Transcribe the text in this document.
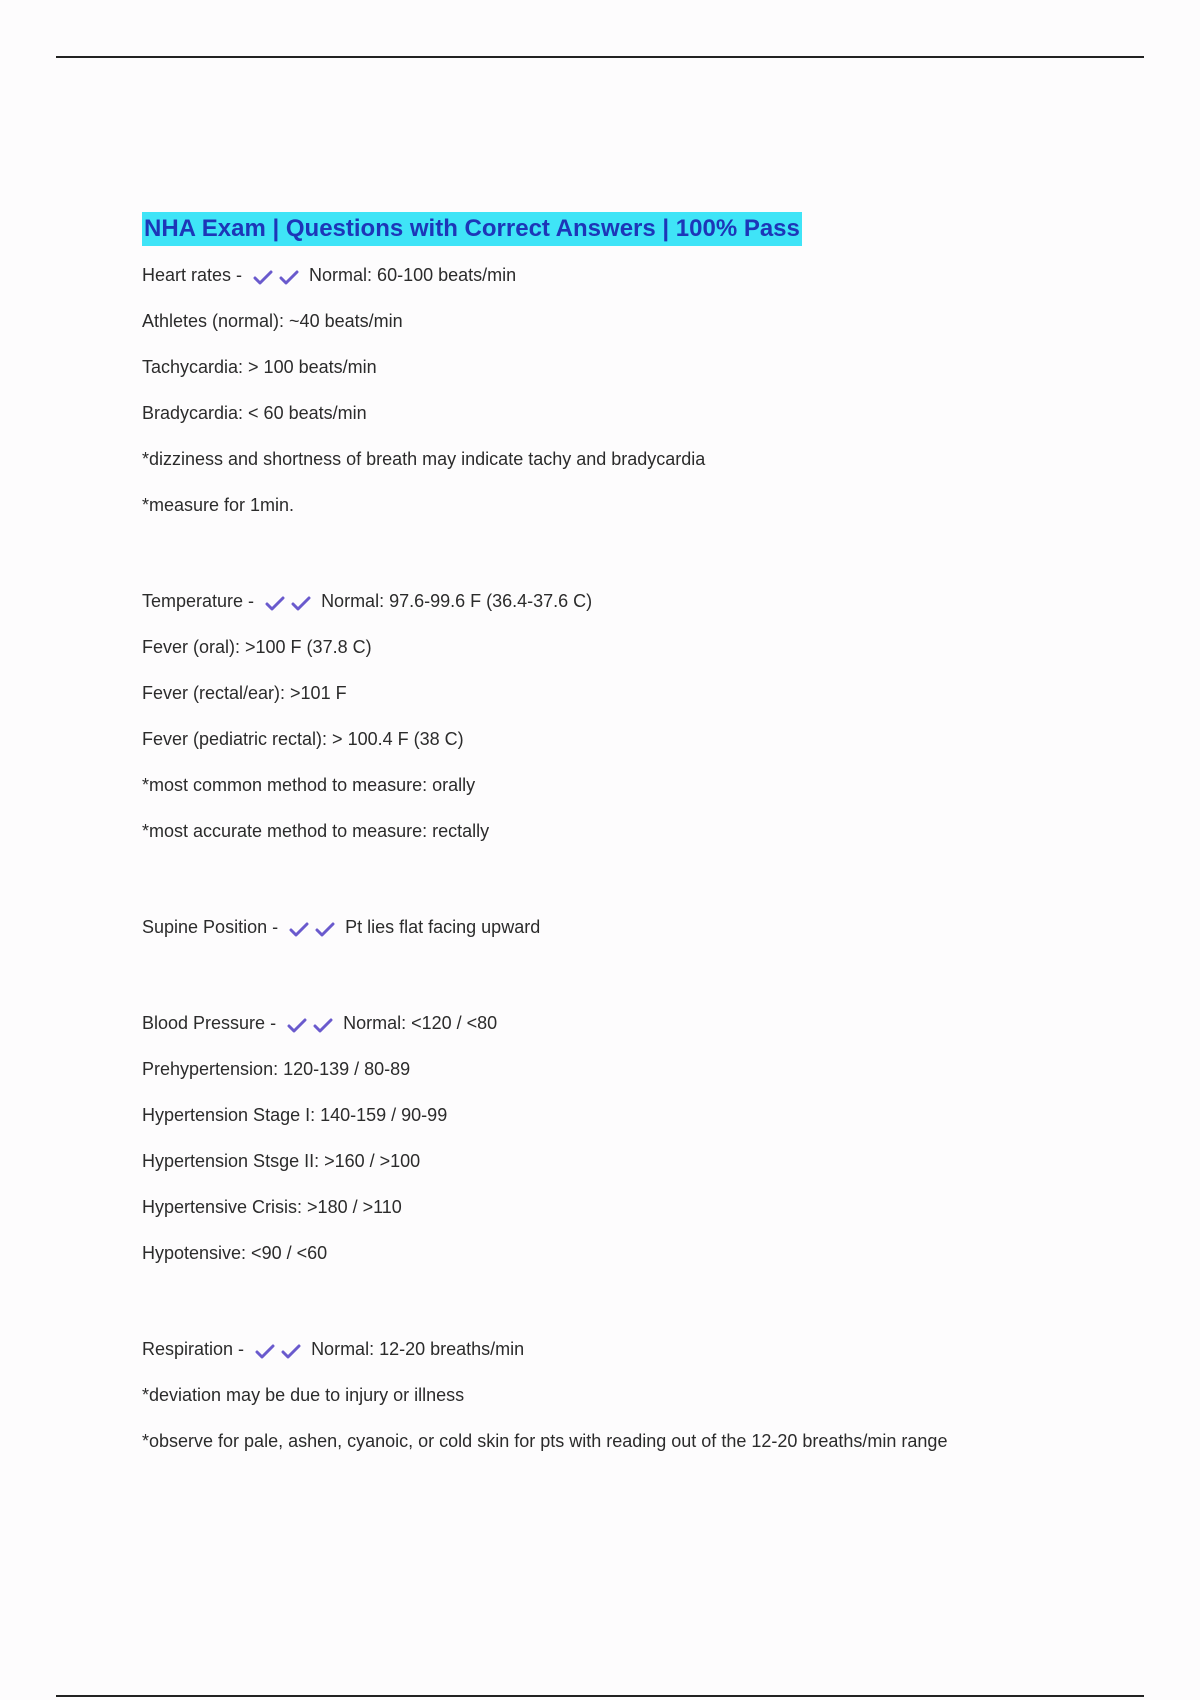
NHA Exam | Questions with Correct Answers | 100% Pass
Heart rates -	Normal: 60-100 beats/min
Athletes (normal): ~40 beats/min
Tachycardia: > 100 beats/min
Bradycardia: < 60 beats/min
*dizziness and shortness of breath may indicate tachy and bradycardia
*measure for 1min.
Temperature -	Normal: 97.6-99.6 F (36.4-37.6 C)
Fever (oral): >100 F (37.8 C)
Fever (rectal/ear): >101 F
Fever (pediatric rectal): > 100.4 F (38 C)
*most common method to measure: orally
*most accurate method to measure: rectally
Supine Position -	Pt lies flat facing upward
Blood Pressure -	Normal: <120 / <80
Prehypertension: 120-139 / 80-89
Hypertension Stage I: 140-159 / 90-99
Hypertension Stsge II: >160 / >100
Hypertensive Crisis: >180 / >110
Hypotensive: <90 / <60
Respiration -	Normal: 12-20 breaths/min
*deviation may be due to injury or illness
*observe for pale, ashen, cyanoic, or cold skin for pts with reading out of the 12-20 breaths/min range
